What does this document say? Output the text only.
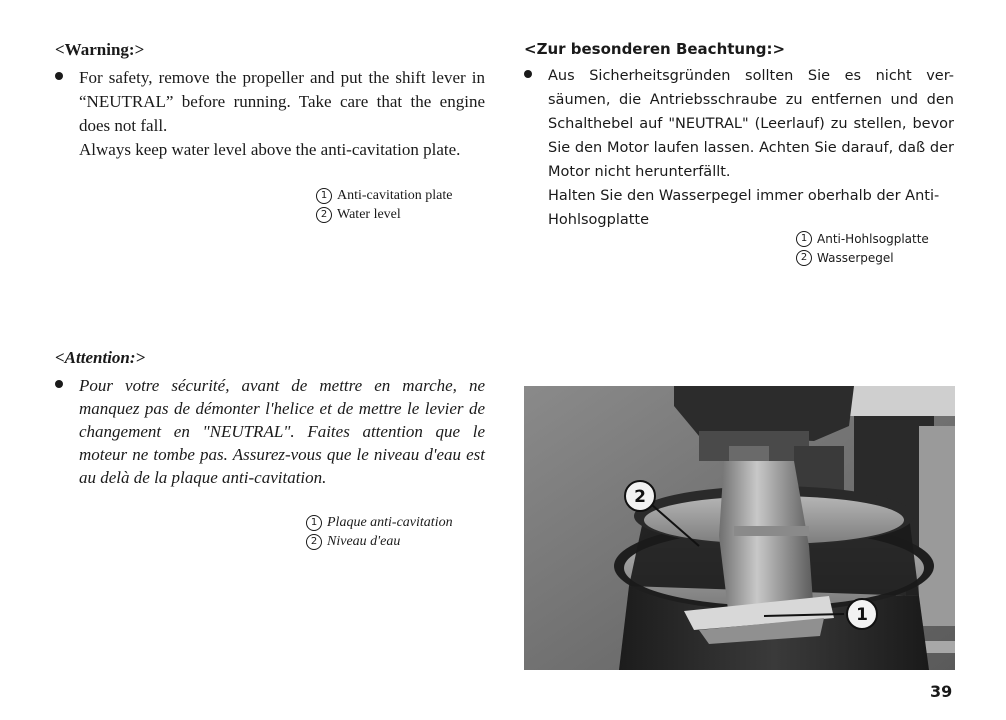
<Warning:>

For safety, remove the propeller and put the shift lever in “NEUTRAL” before running. Take care that the engine does not fall.

Always keep water level above the anti-cavitation plate.

1 Anti-cavitation plate
2 Water level
<Zur besonderen Beachtung:>

Aus Sicherheitsgründen sollten Sie es nicht ver-säumen, die Antriebsschraube zu entfernen und den Schalthebel auf "NEUTRAL" (Leerlauf) zu stellen, bevor Sie den Motor laufen lassen. Achten Sie darauf, daß der Motor nicht herunterfällt.

Halten Sie den Wasserpegel immer oberhalb der Anti-Hohlsogplatte

1 Anti-Hohlsogplatte
2 Wasserpegel
<Attention:>

Pour votre sécurité, avant de mettre en marche, ne manquez pas de démonter l'helice et de mettre le levier de changement en "NEUTRAL". Faites attention que le moteur ne tombe pas. Assurez-vous que le niveau d'eau est au delà de la plaque anti-cavitation.

1 Plaque anti-cavitation
2 Niveau d'eau
2
1
39
